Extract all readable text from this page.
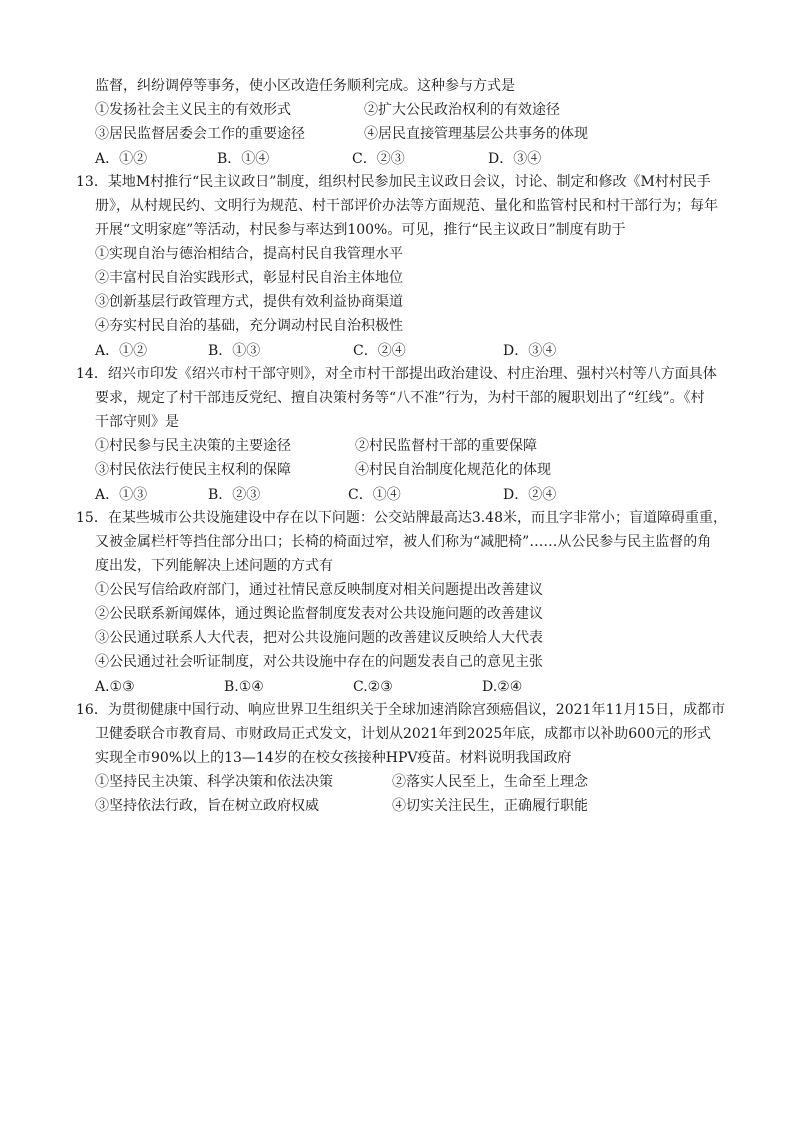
监督，纠纷调停等事务，使小区改造任务顺利完成。这种参与方式是
①发扬社会主义民主的有效形式	②扩大公民政治权利的有效途径
③居民监督居委会工作的重要途径	④居民直接管理基层公共事务的体现
A．①②	B．①④	C．②③	D．③④
13．某地M村推行“民主议政日”制度，组织村民参加民主议政日会议，讨论、制定和修改《M村村民手
册》，从村规民约、文明行为规范、村干部评价办法等方面规范、量化和监管村民和村干部行为；每年
开展“文明家庭”等活动，村民参与率达到100%。可见，推行“民主议政日”制度有助于
①实现自治与德治相结合，提高村民自我管理水平
②丰富村民自治实践形式，彰显村民自治主体地位
③创新基层行政管理方式，提供有效利益协商渠道
④夯实村民自治的基础，充分调动村民自治积极性
A．①②	B．①③	C．②④	D．③④
14．绍兴市印发《绍兴市村干部守则》，对全市村干部提出政治建设、村庄治理、强村兴村等八方面具体
要求，规定了村干部违反党纪、擅自决策村务等“八不准”行为，为村干部的履职划出了“红线”。《村
干部守则》是
①村民参与民主决策的主要途径	②村民监督村干部的重要保障
③村民依法行使民主权利的保障	④村民自治制度化规范化的体现
A．①③	B．②③	C．①④	D．②④
15．在某些城市公共设施建设中存在以下问题：公交站牌最高达3.48米，而且字非常小；盲道障碍重重，
又被金属栏杆等挡住部分出口；长椅的椅面过窄，被人们称为“减肥椅”……从公民参与民主监督的角
度出发，下列能解决上述问题的方式有
①公民写信给政府部门，通过社情民意反映制度对相关问题提出改善建议
②公民联系新闻媒体，通过舆论监督制度发表对公共设施问题的改善建议
③公民通过联系人大代表，把对公共设施问题的改善建议反映给人大代表
④公民通过社会听证制度，对公共设施中存在的问题发表自己的意见主张
A.①③	B.①④	C.②③	D.②④
16．为贯彻健康中国行动、响应世界卫生组织关于全球加速消除宫颈癌倡议，2021年11月15日，成都市
卫健委联合市教育局、市财政局正式发文，计划从2021年到2025年底，成都市以补助600元的形式
实现全市90%以上的13—14岁的在校女孩接种HPV疫苗。材料说明我国政府
①坚持民主决策、科学决策和依法决策	②落实人民至上，生命至上理念
③坚持依法行政，旨在树立政府权威	④切实关注民生，正确履行职能
